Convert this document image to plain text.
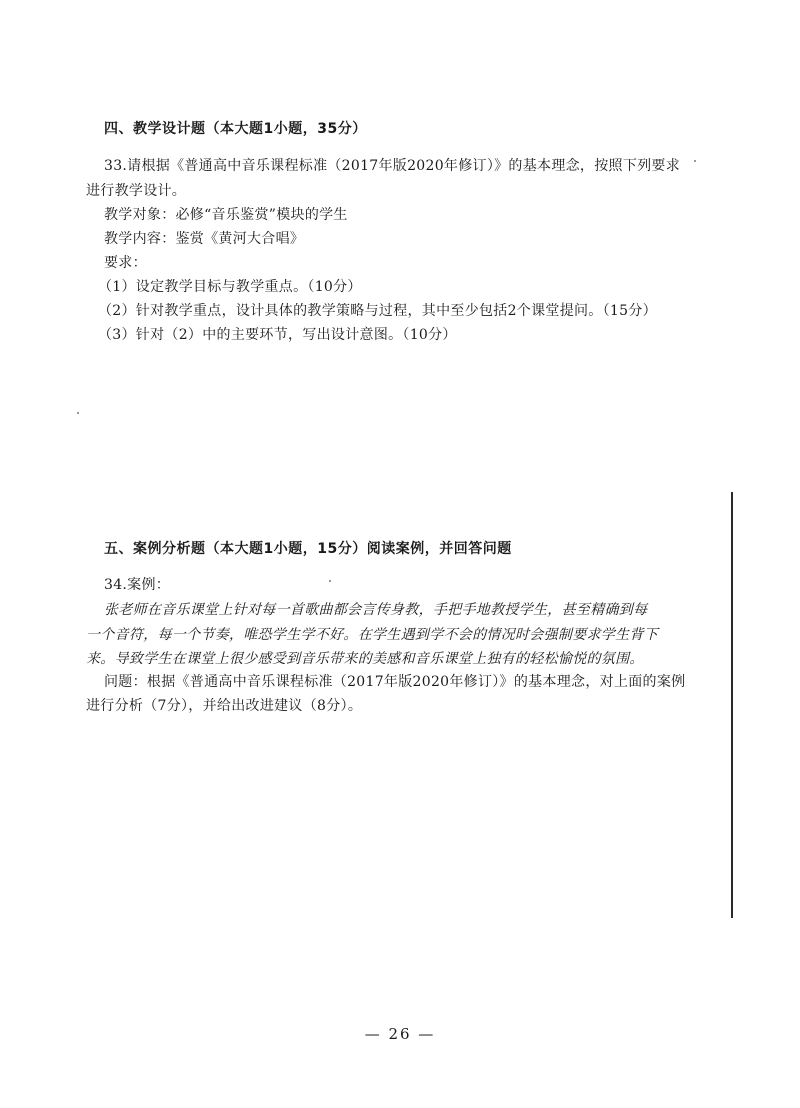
四、教学设计题（本大题1小题，35分）
33.请根据《普通高中音乐课程标准（2017年版2020年修订）》的基本理念，按照下列要求
进行教学设计。
教学对象：必修“音乐鉴赏”模块的学生
教学内容：鉴赏《黄河大合唱》
要求：
（1）设定教学目标与教学重点。（10分）
（2）针对教学重点，设计具体的教学策略与过程，其中至少包括2个课堂提问。（15分）
（3）针对（2）中的主要环节，写出设计意图。（10分）
五、案例分析题（本大题1小题，15分）阅读案例，并回答问题
34.案例：
张老师在音乐课堂上针对每一首歌曲都会言传身教，手把手地教授学生，甚至精确到每
一个音符，每一个节奏，唯恐学生学不好。在学生遇到学不会的情况时会强制要求学生背下
来。导致学生在课堂上很少感受到音乐带来的美感和音乐课堂上独有的轻松愉悦的氛围。
问题：根据《普通高中音乐课程标准（2017年版2020年修订）》的基本理念，对上面的案例
进行分析（7分），并给出改进建议（8分）。
— 26 —
